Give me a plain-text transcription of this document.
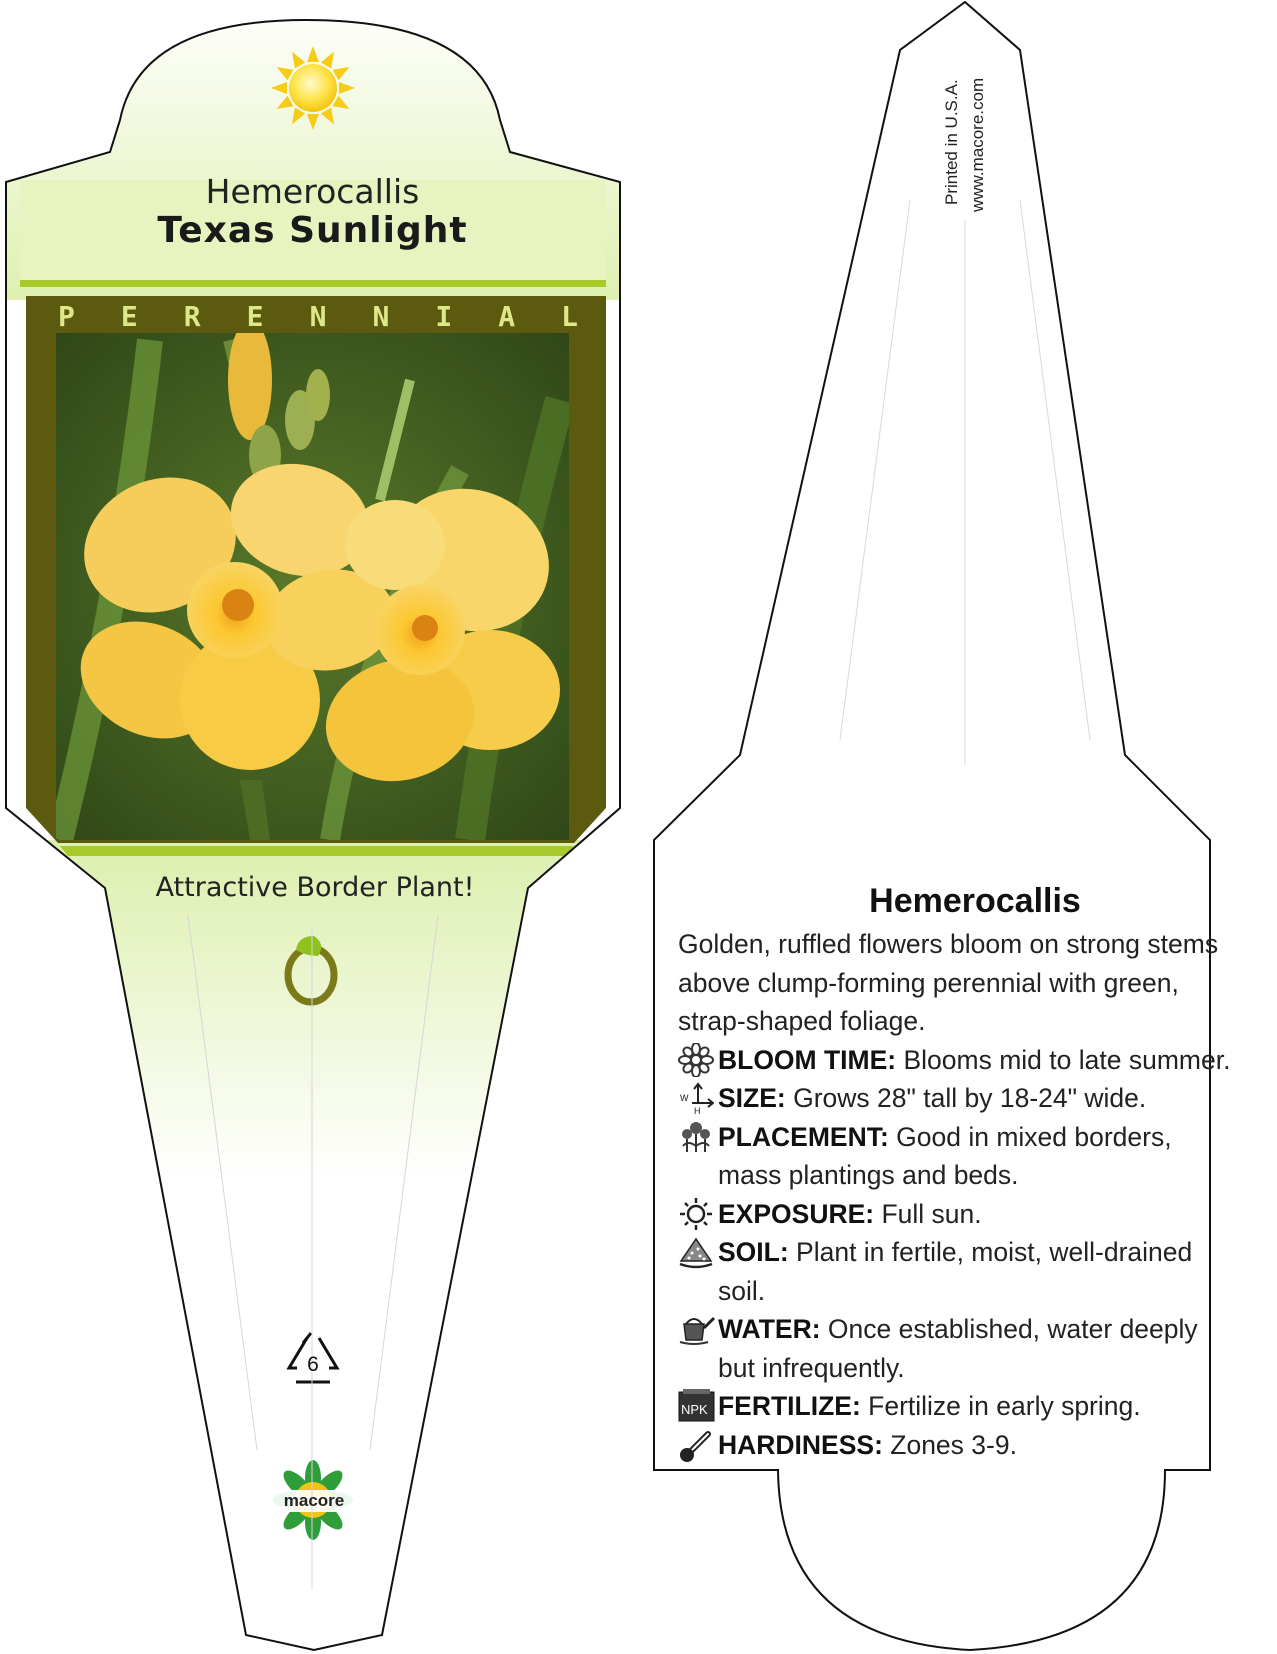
Hemerocallis
Texas Sunlight
P E R E N N I A L
Attractive Border Plant!
6
macore
Printed in U.S.A. www.macore.com
Hemerocallis

Golden, ruffled flowers bloom on strong stems above clump-forming perennial with green, strap-shaped foliage.

BLOOM TIME: Blooms mid to late summer.
W
H SIZE: Grows 28" tall by 18-24" wide.
PLACEMENT: Good in mixed borders, mass plantings and beds.
EXPOSURE: Full sun.
SOIL: Plant in fertile, moist, well-drained soil.
WATER: Once established, water deeply but infrequently.
NPK FERTILIZE: Fertilize in early spring.
HARDINESS: Zones 3-9.
